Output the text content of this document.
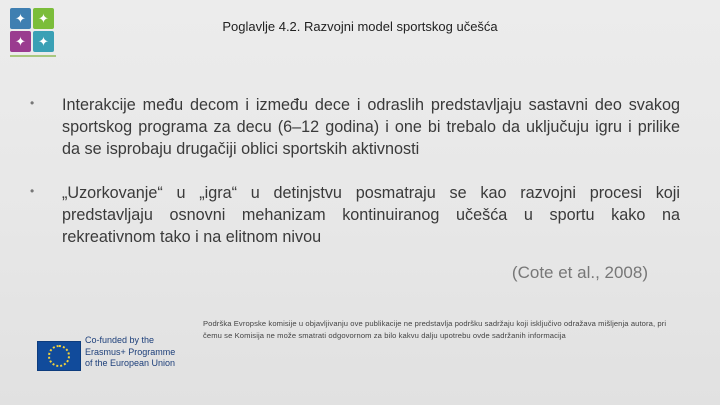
✦ ✦
✦ ✦
Poglavlje 4.2. Razvojni model sportskog učešća
• Interakcije među decom i između dece i odraslih predstavljaju sastavni deo svakog sportskog programa za decu (6–12 godina) i one bi trebalo da uključuju igru i prilike da se isprobaju drugačiji oblici sportskih aktivnosti

• „Uzorkovanje“ u „igra“ u detinjstvu posmatraju se kao razvojni procesi koji predstavljaju osnovni mehanizam kontinuiranog učešća u sportu kako na rekreativnom tako i na elitnom nivou

(Cote et al., 2008)
Co-funded by the
Erasmus+ Programme
of the European Union
Podrška Evropske komisije u objavljivanju ove publikacije ne predstavlja podršku sadržaju koji isključivo odražava mišljenja autora, pri čemu se Komisija ne može smatrati odgovornom za bilo kakvu dalju upotrebu ovde sadržanih informacija
